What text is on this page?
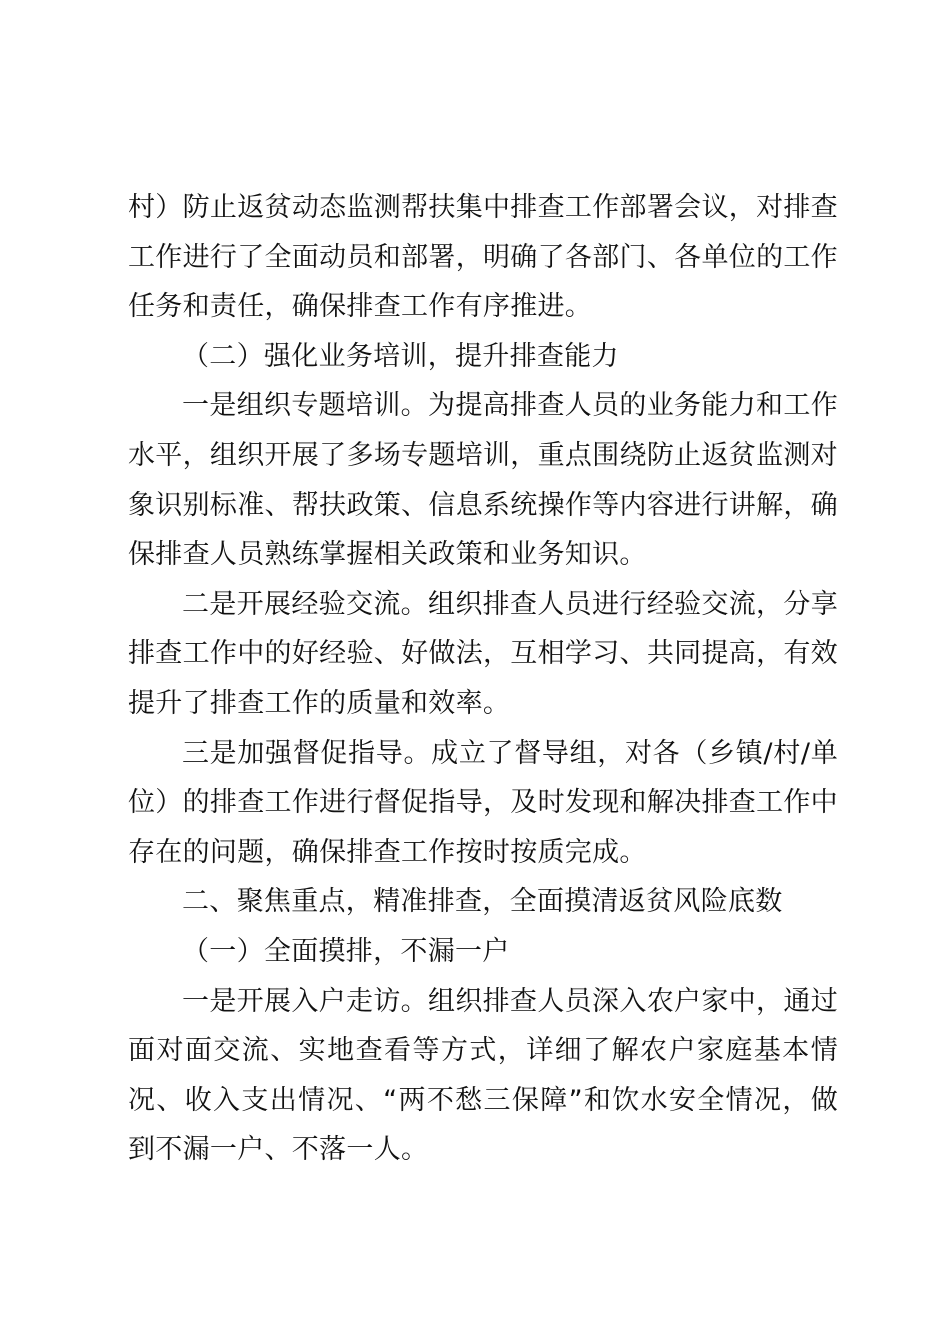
村）防止返贫动态监测帮扶集中排查工作部署会议，对排查工作进行了全面动员和部署，明确了各部门、各单位的工作任务和责任，确保排查工作有序推进。

（二）强化业务培训，提升排查能力

一是组织专题培训。为提高排查人员的业务能力和工作水平，组织开展了多场专题培训，重点围绕防止返贫监测对象识别标准、帮扶政策、信息系统操作等内容进行讲解，确保排查人员熟练掌握相关政策和业务知识。

二是开展经验交流。组织排查人员进行经验交流，分享排查工作中的好经验、好做法，互相学习、共同提高，有效提升了排查工作的质量和效率。

三是加强督促指导。成立了督导组，对各（乡镇/村/单位）的排查工作进行督促指导，及时发现和解决排查工作中存在的问题，确保排查工作按时按质完成。

二、聚焦重点，精准排查，全面摸清返贫风险底数

（一）全面摸排，不漏一户

一是开展入户走访。组织排查人员深入农户家中，通过面对面交流、实地查看等方式，详细了解农户家庭基本情况、收入支出情况、“两不愁三保障”和饮水安全情况，做到不漏一户、不落一人。
